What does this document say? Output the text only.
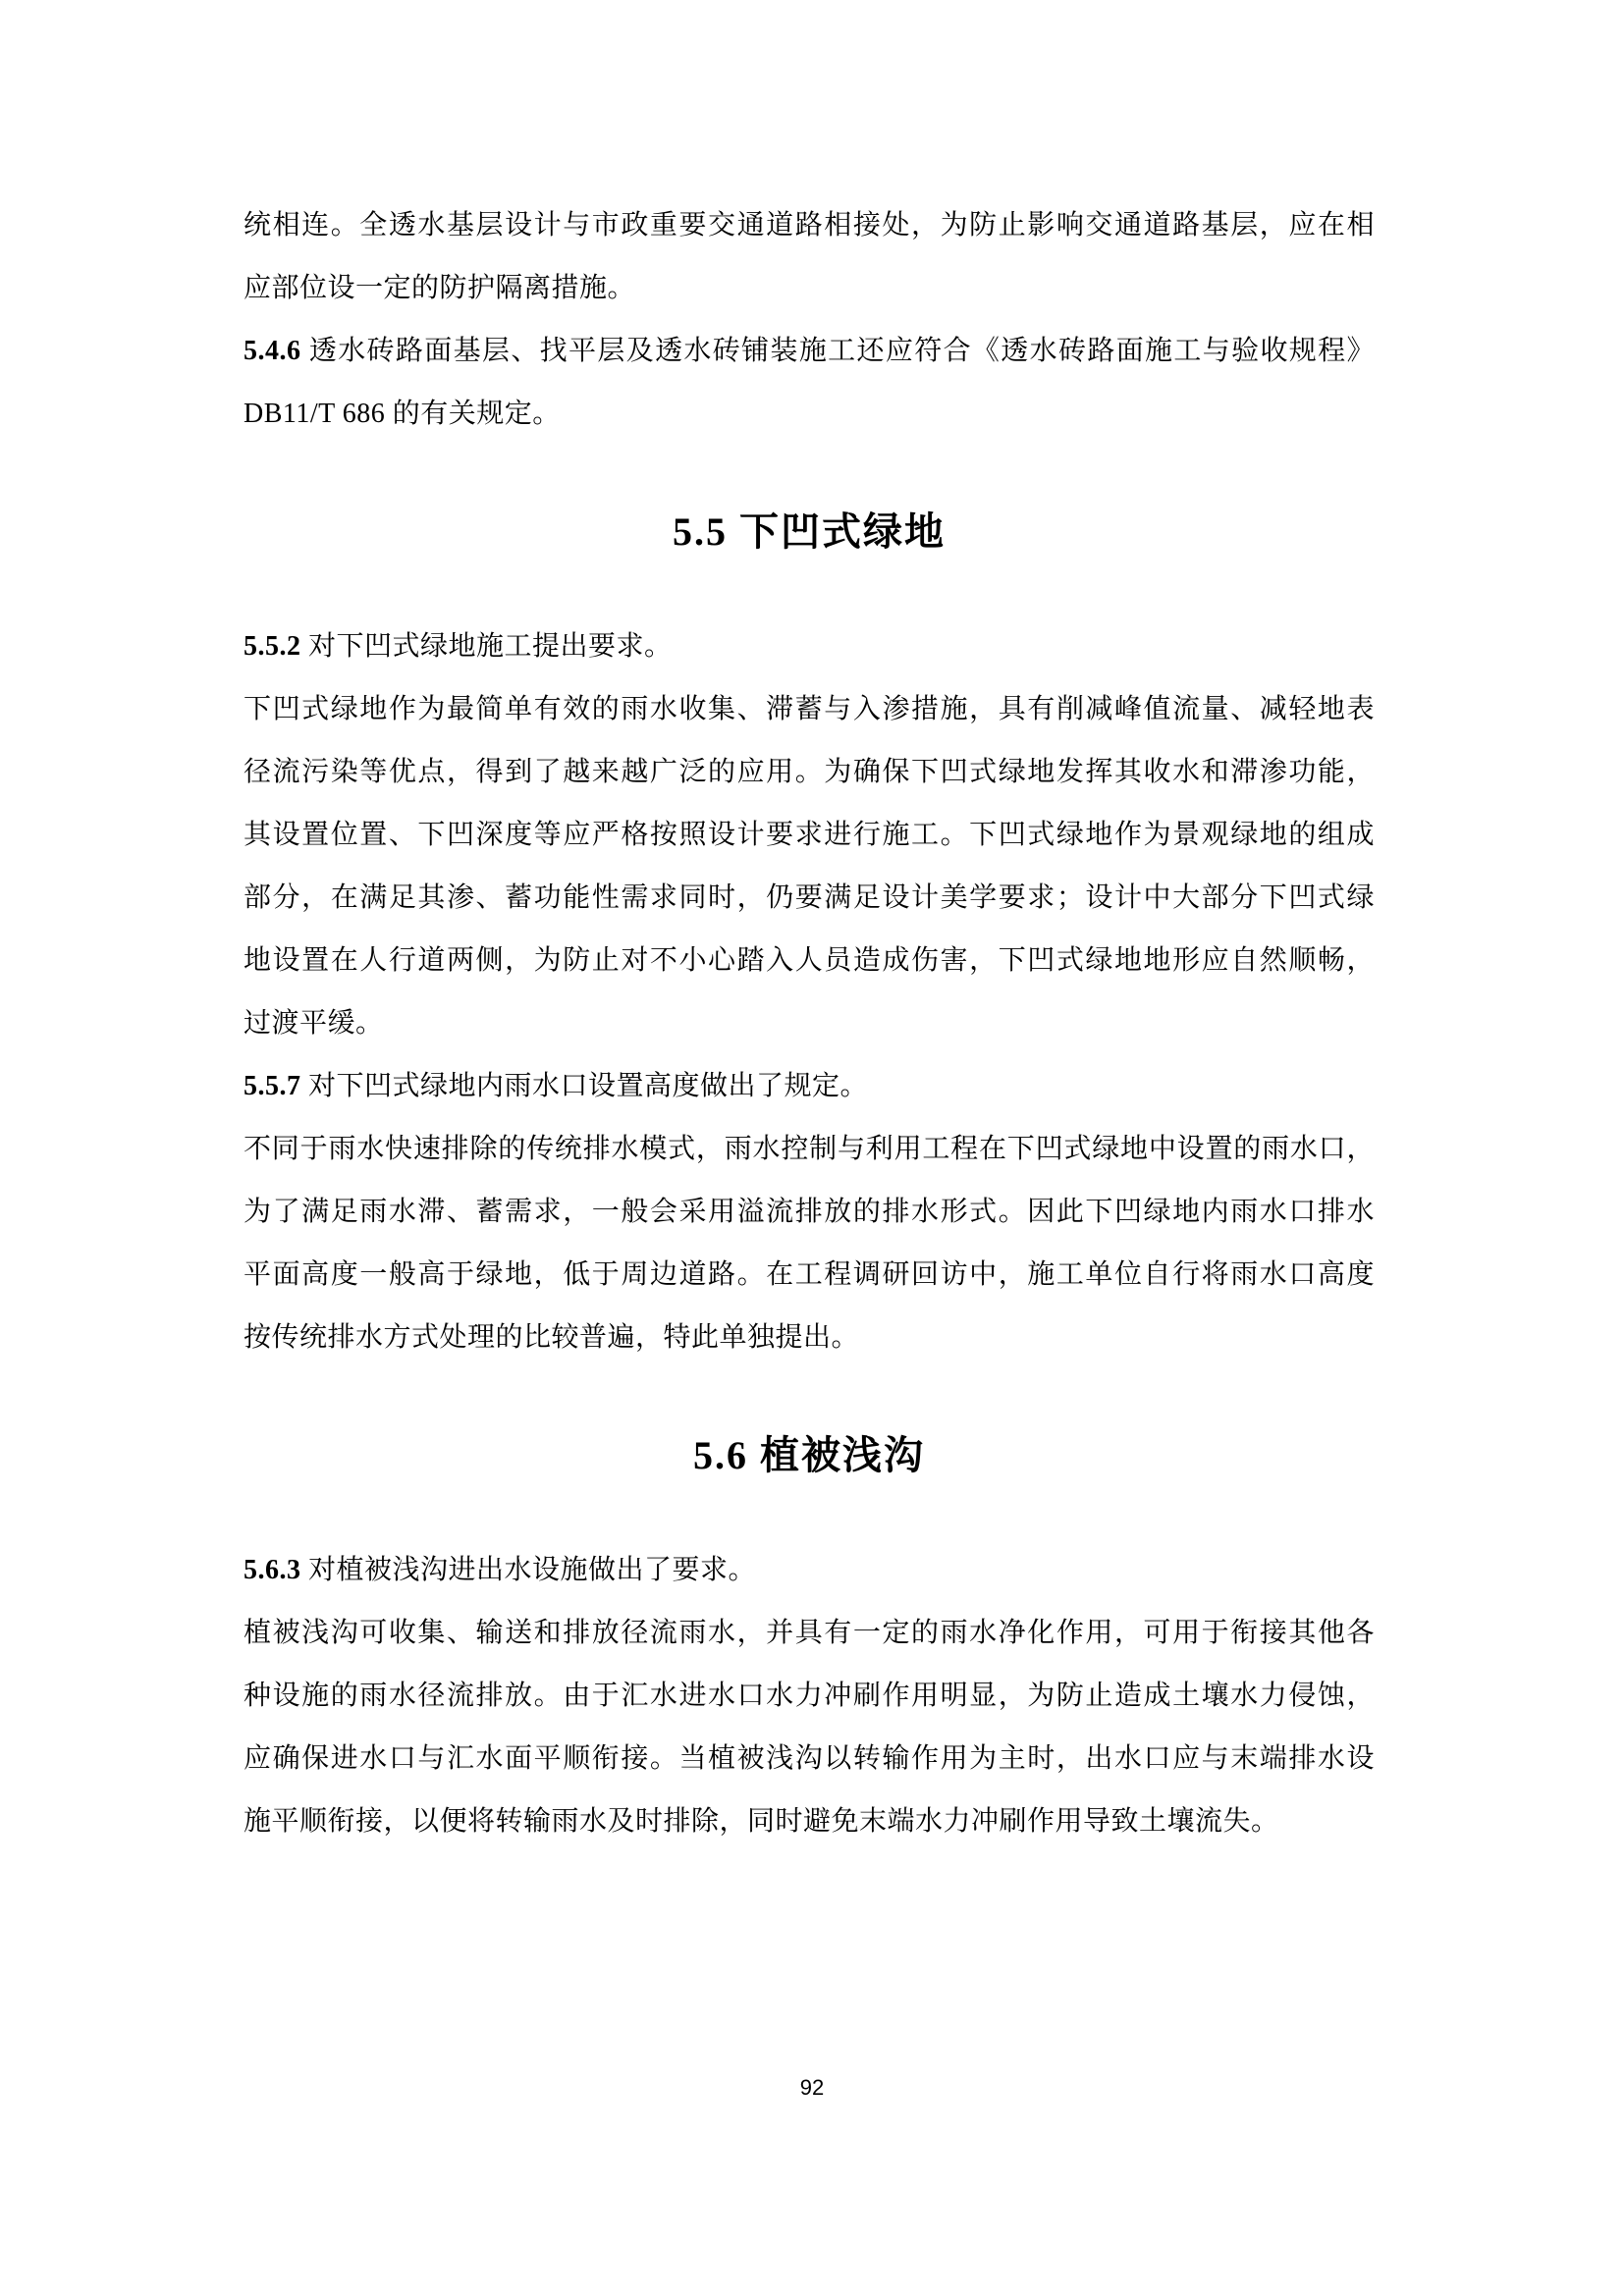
统相连。全透水基层设计与市政重要交通道路相接处，为防止影响交通道路基层，应在相
应部位设一定的防护隔离措施。
5.4.6 透水砖路面基层、找平层及透水砖铺装施工还应符合《透水砖路面施工与验收规程》
DB11/T 686 的有关规定。
5.5 下凹式绿地
5.5.2 对下凹式绿地施工提出要求。
下凹式绿地作为最简单有效的雨水收集、滞蓄与入渗措施，具有削减峰值流量、减轻地表
径流污染等优点，得到了越来越广泛的应用。为确保下凹式绿地发挥其收水和滞渗功能，
其设置位置、下凹深度等应严格按照设计要求进行施工。下凹式绿地作为景观绿地的组成
部分，在满足其渗、蓄功能性需求同时，仍要满足设计美学要求；设计中大部分下凹式绿
地设置在人行道两侧，为防止对不小心踏入人员造成伤害，下凹式绿地地形应自然顺畅，
过渡平缓。
5.5.7 对下凹式绿地内雨水口设置高度做出了规定。
不同于雨水快速排除的传统排水模式，雨水控制与利用工程在下凹式绿地中设置的雨水口，
为了满足雨水滞、蓄需求，一般会采用溢流排放的排水形式。因此下凹绿地内雨水口排水
平面高度一般高于绿地，低于周边道路。在工程调研回访中，施工单位自行将雨水口高度
按传统排水方式处理的比较普遍，特此单独提出。
5.6 植被浅沟
5.6.3 对植被浅沟进出水设施做出了要求。
植被浅沟可收集、输送和排放径流雨水，并具有一定的雨水净化作用，可用于衔接其他各
种设施的雨水径流排放。由于汇水进水口水力冲刷作用明显，为防止造成土壤水力侵蚀，
应确保进水口与汇水面平顺衔接。当植被浅沟以转输作用为主时，出水口应与末端排水设
施平顺衔接，以便将转输雨水及时排除，同时避免末端水力冲刷作用导致土壤流失。
92
